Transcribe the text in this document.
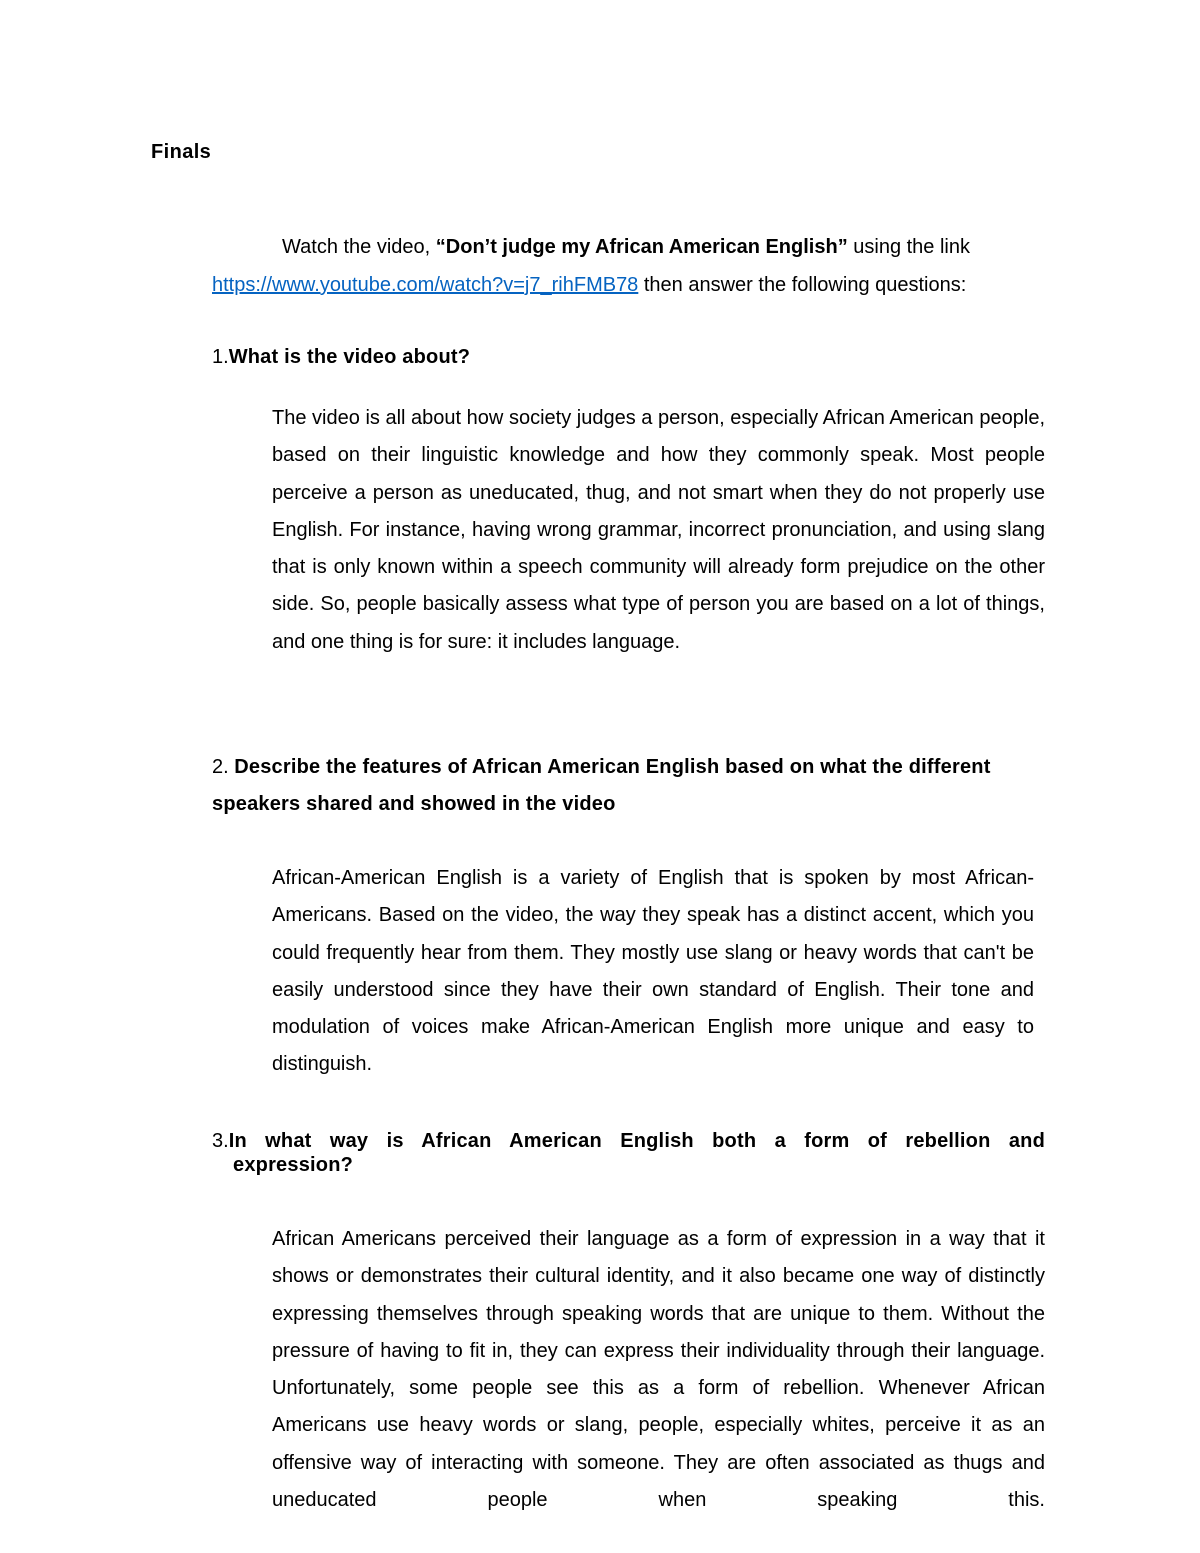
Finals

Watch the video, “Don’t judge my African American English” using the link https://www.youtube.com/watch?v=j7_rihFMB78 then answer the following questions:

1.What is the video about?

The video is all about how society judges a person, especially African American people, based on their linguistic knowledge and how they commonly speak. Most people perceive a person as uneducated, thug, and not smart when they do not properly use English. For instance, having wrong grammar, incorrect pronunciation, and using slang that is only known within a speech community will already form prejudice on the other side. So, people basically assess what type of person you are based on a lot of things, and one thing is for sure: it includes language.

2. Describe the features of African American English based on what the different speakers shared and showed in the video

African-American English is a variety of English that is spoken by most African-Americans. Based on the video, the way they speak has a distinct accent, which you could frequently hear from them. They mostly use slang or heavy words that can't be easily understood since they have their own standard of English. Their tone and modulation of voices make African-American English more unique and easy to distinguish.

3.In what way is African American English both a form of rebellion and expression?

African Americans perceived their language as a form of expression in a way that it shows or demonstrates their cultural identity, and it also became one way of distinctly expressing themselves through speaking words that are unique to them. Without the pressure of having to fit in, they can express their individuality through their language. Unfortunately, some people see this as a form of rebellion. Whenever African Americans use heavy words or slang, people, especially whites, perceive it as an offensive way of interacting with someone. They are often associated as thugs and uneducated people when speaking this.
